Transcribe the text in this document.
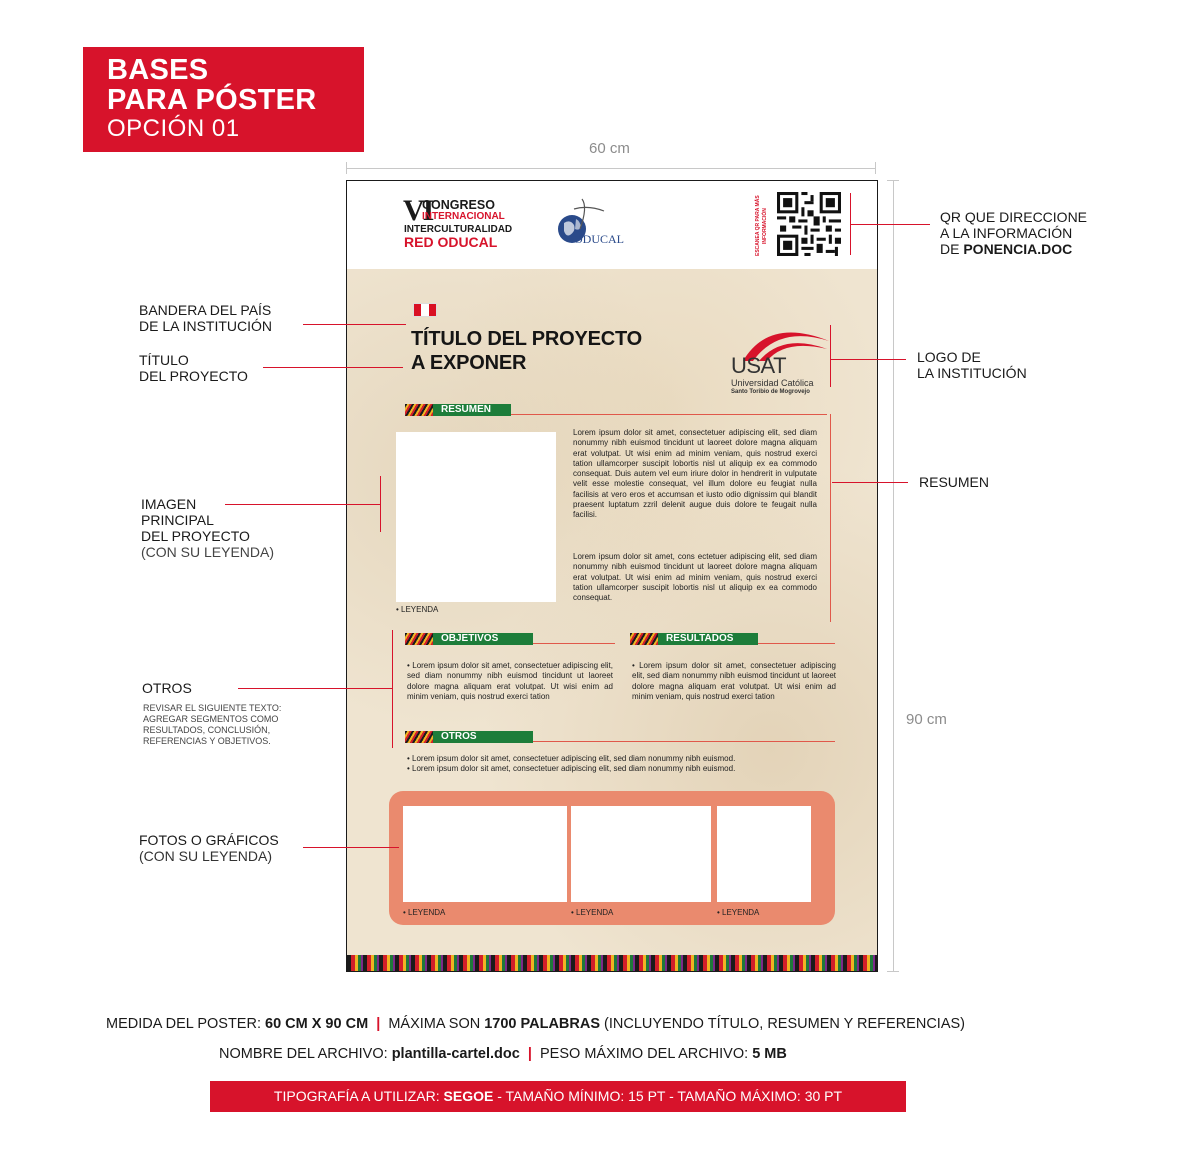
BASES
PARA PÓSTER
OPCIÓN 01
60 cm
90 cm
VI
CONGRESO
INTERNACIONAL
INTERCULTURALIDAD
RED ODUCAL	ODUCAL	ESCANEA QR PARA MÁS INFORMACIÓN
TÍTULO DEL PROYECTO
A EXPONER	USAT
Universidad Católica
Santo Toribio de Mogrovejo
RESUMEN
• LEYENDA
Lorem ipsum dolor sit amet, consectetuer adipiscing elit, sed diam nonummy nibh euismod tincidunt ut laoreet dolore magna aliquam erat volutpat. Ut wisi enim ad minim veniam, quis nostrud exerci tation ullamcorper suscipit lobortis nisl ut aliquip ex ea commodo consequat. Duis autem vel eum iriure dolor in hendrerit in vulputate velit esse molestie consequat, vel illum dolore eu feugiat nulla facilisis at vero eros et accumsan et iusto odio dignissim qui blandit praesent luptatum zzril delenit augue duis dolore te feugait nulla facilisi.
Lorem ipsum dolor sit amet, cons ectetuer adipiscing elit, sed diam nonummy nibh euismod tincidunt ut laoreet dolore magna aliquam erat volutpat. Ut wisi enim ad minim veniam, quis nostrud exerci tation ullamcorper suscipit lobortis nisl ut aliquip ex ea commodo consequat.
OBJETIVOS
• Lorem ipsum dolor sit amet, consectetuer adipiscing elit, sed diam nonummy nibh euismod tincidunt ut laoreet dolore magna aliquam erat volutpat. Ut wisi enim ad minim veniam, quis nostrud exerci tation
RESULTADOS
• Lorem ipsum dolor sit amet, consectetuer adipiscing elit, sed diam nonummy nibh euismod tincidunt ut laoreet dolore magna aliquam erat volutpat. Ut wisi enim ad minim veniam, quis nostrud exerci tation
OTROS
• Lorem ipsum dolor sit amet, consectetuer adipiscing elit, sed diam nonummy nibh euismod.
• Lorem ipsum dolor sit amet, consectetuer adipiscing elit, sed diam nonummy nibh euismod.
• LEYENDA	• LEYENDA	• LEYENDA
BANDERA DEL PAÍS
DE LA INSTITUCIÓN
TÍTULO
DEL PROYECTO
IMAGEN
PRINCIPAL
DEL PROYECTO
(CON SU LEYENDA)
OTROS
REVISAR EL SIGUIENTE TEXTO:
AGREGAR SEGMENTOS COMO
RESULTADOS, CONCLUSIÓN,
REFERENCIAS Y OBJETIVOS.
FOTOS O GRÁFICOS
(CON SU LEYENDA)
QR QUE DIRECCIONE
A LA INFORMACIÓN
DE PONENCIA.DOC
LOGO DE
LA INSTITUCIÓN
RESUMEN
MEDIDA DEL POSTER: 60 CM X 90 CM | MÁXIMA SON 1700 PALABRAS (INCLUYENDO TÍTULO, RESUMEN Y REFERENCIAS)
NOMBRE DEL ARCHIVO: plantilla-cartel.doc | PESO MÁXIMO DEL ARCHIVO: 5 MB
TIPOGRAFÍA A UTILIZAR: SEGOE - TAMAÑO MÍNIMO: 15 PT - TAMAÑO MÁXIMO: 30 PT
